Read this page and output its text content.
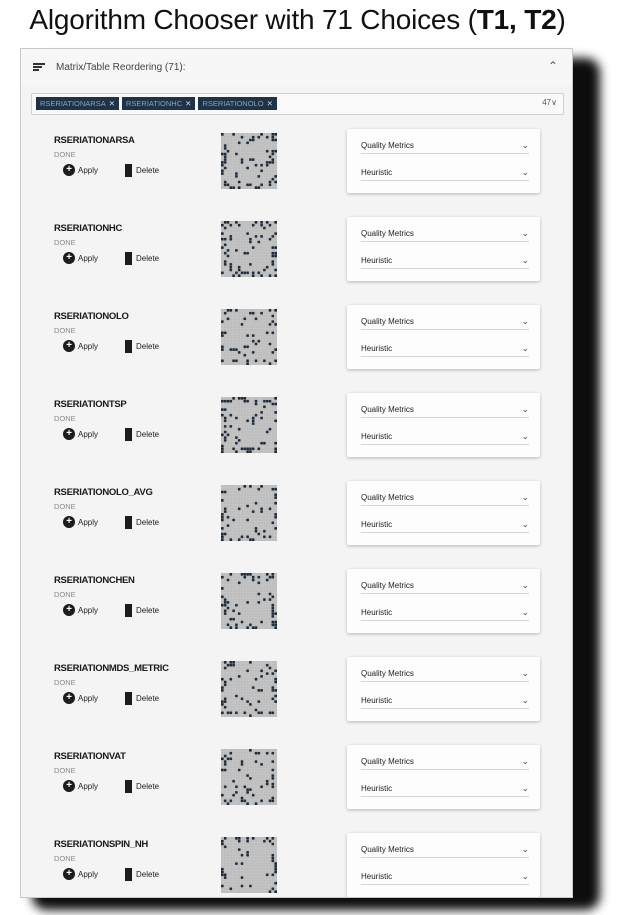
Algorithm Chooser with 71 Choices (T1, T2)
Matrix/Table Reordering (71):	⌃
RSERIATIONARSA ✕	RSERIATIONHC ✕	RSERIATIONOLO ✕	47∨
RSERIATIONARSA
DONE
+ Apply	Delete
Quality Metrics	⌄
Heuristic	⌄
RSERIATIONHC
DONE
+ Apply	Delete
Quality Metrics	⌄
Heuristic	⌄
RSERIATIONOLO
DONE
+ Apply	Delete
Quality Metrics	⌄
Heuristic	⌄
RSERIATIONTSP
DONE
+ Apply	Delete
Quality Metrics	⌄
Heuristic	⌄
RSERIATIONOLO_AVG
DONE
+ Apply	Delete
Quality Metrics	⌄
Heuristic	⌄
RSERIATIONCHEN
DONE
+ Apply	Delete
Quality Metrics	⌄
Heuristic	⌄
RSERIATIONMDS_METRIC
DONE
+ Apply	Delete
Quality Metrics	⌄
Heuristic	⌄
RSERIATIONVAT
DONE
+ Apply	Delete
Quality Metrics	⌄
Heuristic	⌄
RSERIATIONSPIN_NH
DONE
+ Apply	Delete
Quality Metrics	⌄
Heuristic	⌄
